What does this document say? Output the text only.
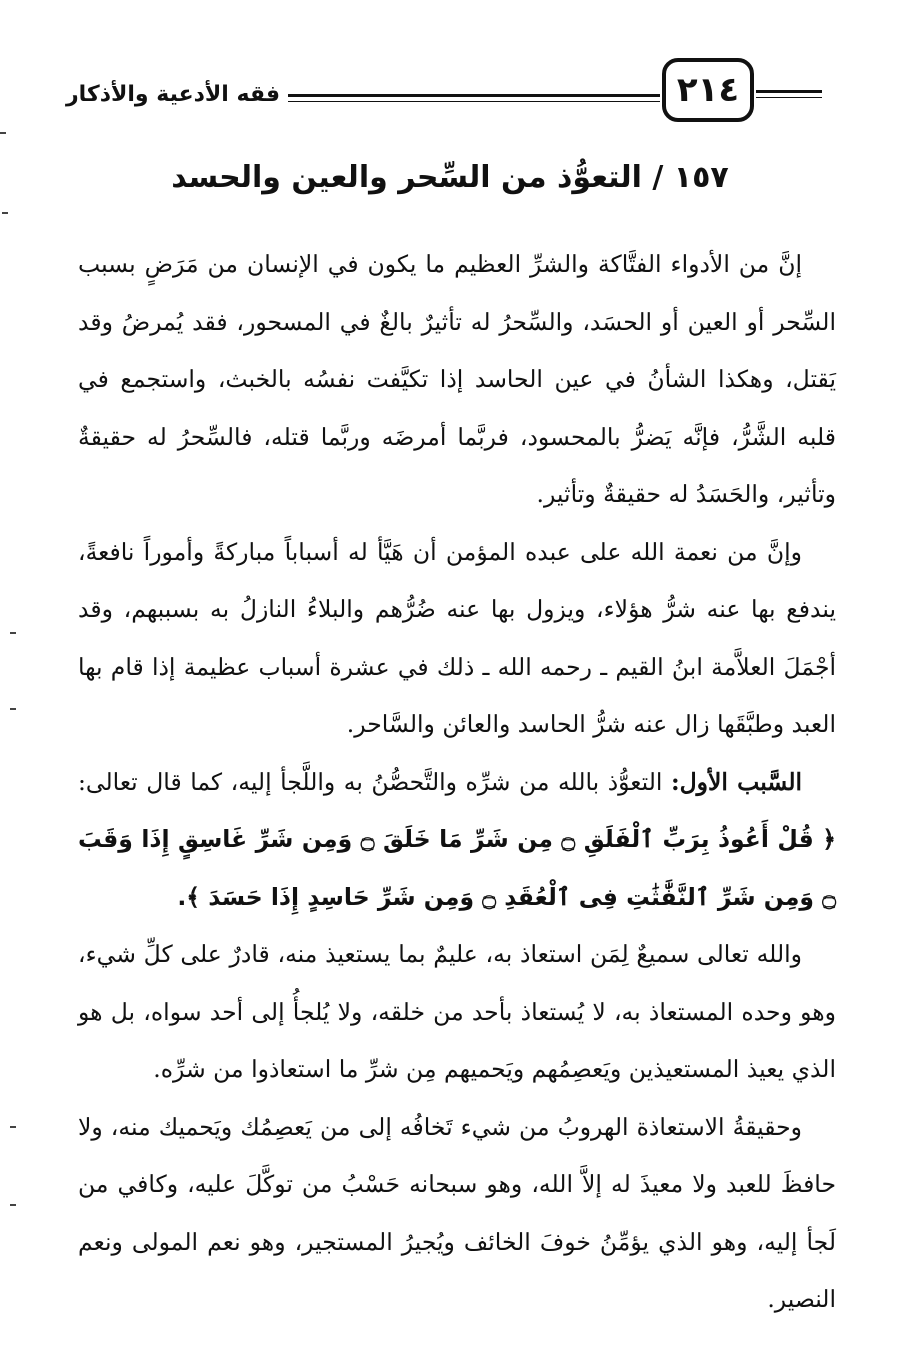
فقه الأدعية والأذكار	٢١٤
١٥٧ / التعوُّذ من السِّحر والعين والحسد

إنَّ من الأدواء الفتَّاكة والشرِّ العظيم ما يكون في الإنسان من مَرَضٍ بسبب السِّحر أو العين أو الحسَد، والسِّحرُ له تأثيرٌ بالغٌ في المسحور، فقد يُمرضُ وقد يَقتل، وهكذا الشأنُ في عين الحاسد إذا تكيَّفت نفسُه بالخبث، واستجمع في قلبه الشَّرُّ، فإنَّه يَضرُّ بالمحسود، فربَّما أمرضَه وربَّما قتله، فالسِّحرُ له حقيقةٌ وتأثير، والحَسَدُ له حقيقةٌ وتأثير.

وإنَّ من نعمة الله على عبده المؤمن أن هَيَّأ له أسباباً مباركةً وأموراً نافعةً، يندفع بها عنه شرُّ هؤلاء، ويزول بها عنه ضُرُّهم والبلاءُ النازلُ به بسببهم، وقد أجْمَلَ العلاَّمة ابنُ القيم ـ رحمه الله ـ ذلك في عشرة أسباب عظيمة إذا قام بها العبد وطبَّقَها زال عنه شرُّ الحاسد والعائن والسَّاحر.

السَّبب الأول: التعوُّذ بالله من شرِّه والتَّحصُّنُ به واللَّجأ إليه، كما قال تعالى: ﴿ قُلْ أَعُوذُ بِرَبِّ ٱلْفَلَقِ ۝ مِن شَرِّ مَا خَلَقَ ۝ وَمِن شَرِّ غَاسِقٍ إِذَا وَقَبَ ۝ وَمِن شَرِّ ٱلنَّفَّٰثَٰتِ فِى ٱلْعُقَدِ ۝ وَمِن شَرِّ حَاسِدٍ إِذَا حَسَدَ ﴾.

والله تعالى سميعٌ لِمَن استعاذ به، عليمٌ بما يستعيذ منه، قادرٌ على كلِّ شيء، وهو وحده المستعاذ به، لا يُستعاذ بأحد من خلقه، ولا يُلجأُ إلى أحد سواه، بل هو الذي يعيذ المستعيذين ويَعصِمُهم ويَحميهم مِن شرِّ ما استعاذوا من شرِّه.

وحقيقةُ الاستعاذة الهروبُ من شيء تَخافُه إلى من يَعصِمُك ويَحميك منه، ولا حافظَ للعبد ولا معيذَ له إلاَّ الله، وهو سبحانه حَسْبُ من توكَّلَ عليه، وكافي من لَجأ إليه، وهو الذي يؤمِّنُ خوفَ الخائف ويُجيرُ المستجير، وهو نعم المولى ونعم النصير.
